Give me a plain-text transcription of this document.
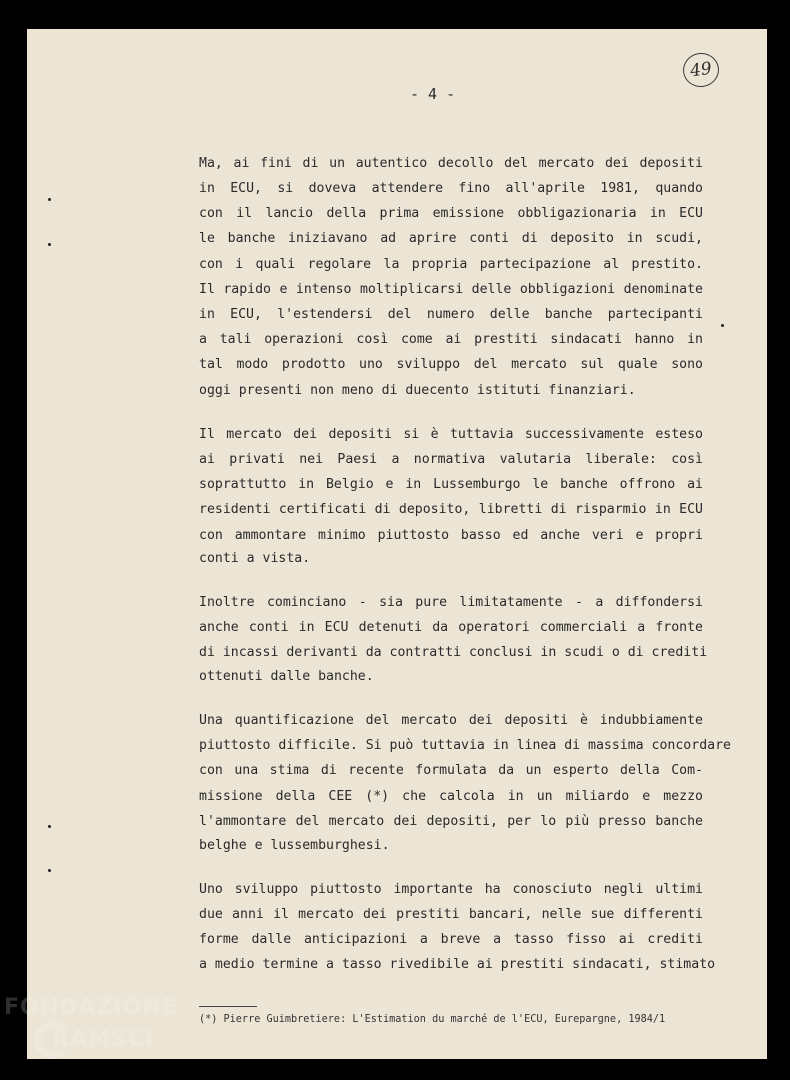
- 4 -
49
Ma, ai fini di un autentico decollo del mercato dei depositi
in ECU, si doveva attendere fino all'aprile 1981, quando
con il lancio della prima emissione obbligazionaria in ECU
le banche iniziavano ad aprire conti di deposito in scudi,
con i quali regolare la propria partecipazione al prestito.
Il rapido e intenso moltiplicarsi delle obbligazioni denominate
in ECU, l'estendersi del numero delle banche partecipanti
a tali operazioni così come ai prestiti sindacati hanno in
tal modo prodotto uno sviluppo del mercato sul quale sono
oggi presenti non meno di duecento istituti finanziari.
Il mercato dei depositi si è tuttavia successivamente esteso
ai privati nei Paesi a normativa valutaria liberale: così
soprattutto in Belgio e in Lussemburgo le banche offrono ai
residenti certificati di deposito, libretti di risparmio in ECU
con ammontare minimo piuttosto basso ed anche veri e propri
conti a vista.
Inoltre cominciano - sia pure limitatamente - a diffondersi
anche conti in ECU detenuti da operatori commerciali a fronte
di incassi derivanti da contratti conclusi in scudi o di crediti
ottenuti dalle banche.
Una quantificazione del mercato dei depositi è indubbiamente
piuttosto difficile. Si può tuttavia in linea di massima concordare
con una stima di recente formulata da un esperto della Com-
missione della CEE (*) che calcola in un miliardo e mezzo
l'ammontare del mercato dei depositi, per lo più presso banche
belghe e lussemburghesi.
Uno sviluppo piuttosto importante ha conosciuto negli ultimi
due anni il mercato dei prestiti bancari, nelle sue differenti
forme dalle anticipazioni a breve a tasso fisso ai crediti
a medio termine a tasso rivedibile ai prestiti sindacati, stimato
(*) Pierre Guimbretiere: L'Estimation du marché de l'ECU, Eurepargne, 1984/1
FONDAZIONE
RAMSCI
